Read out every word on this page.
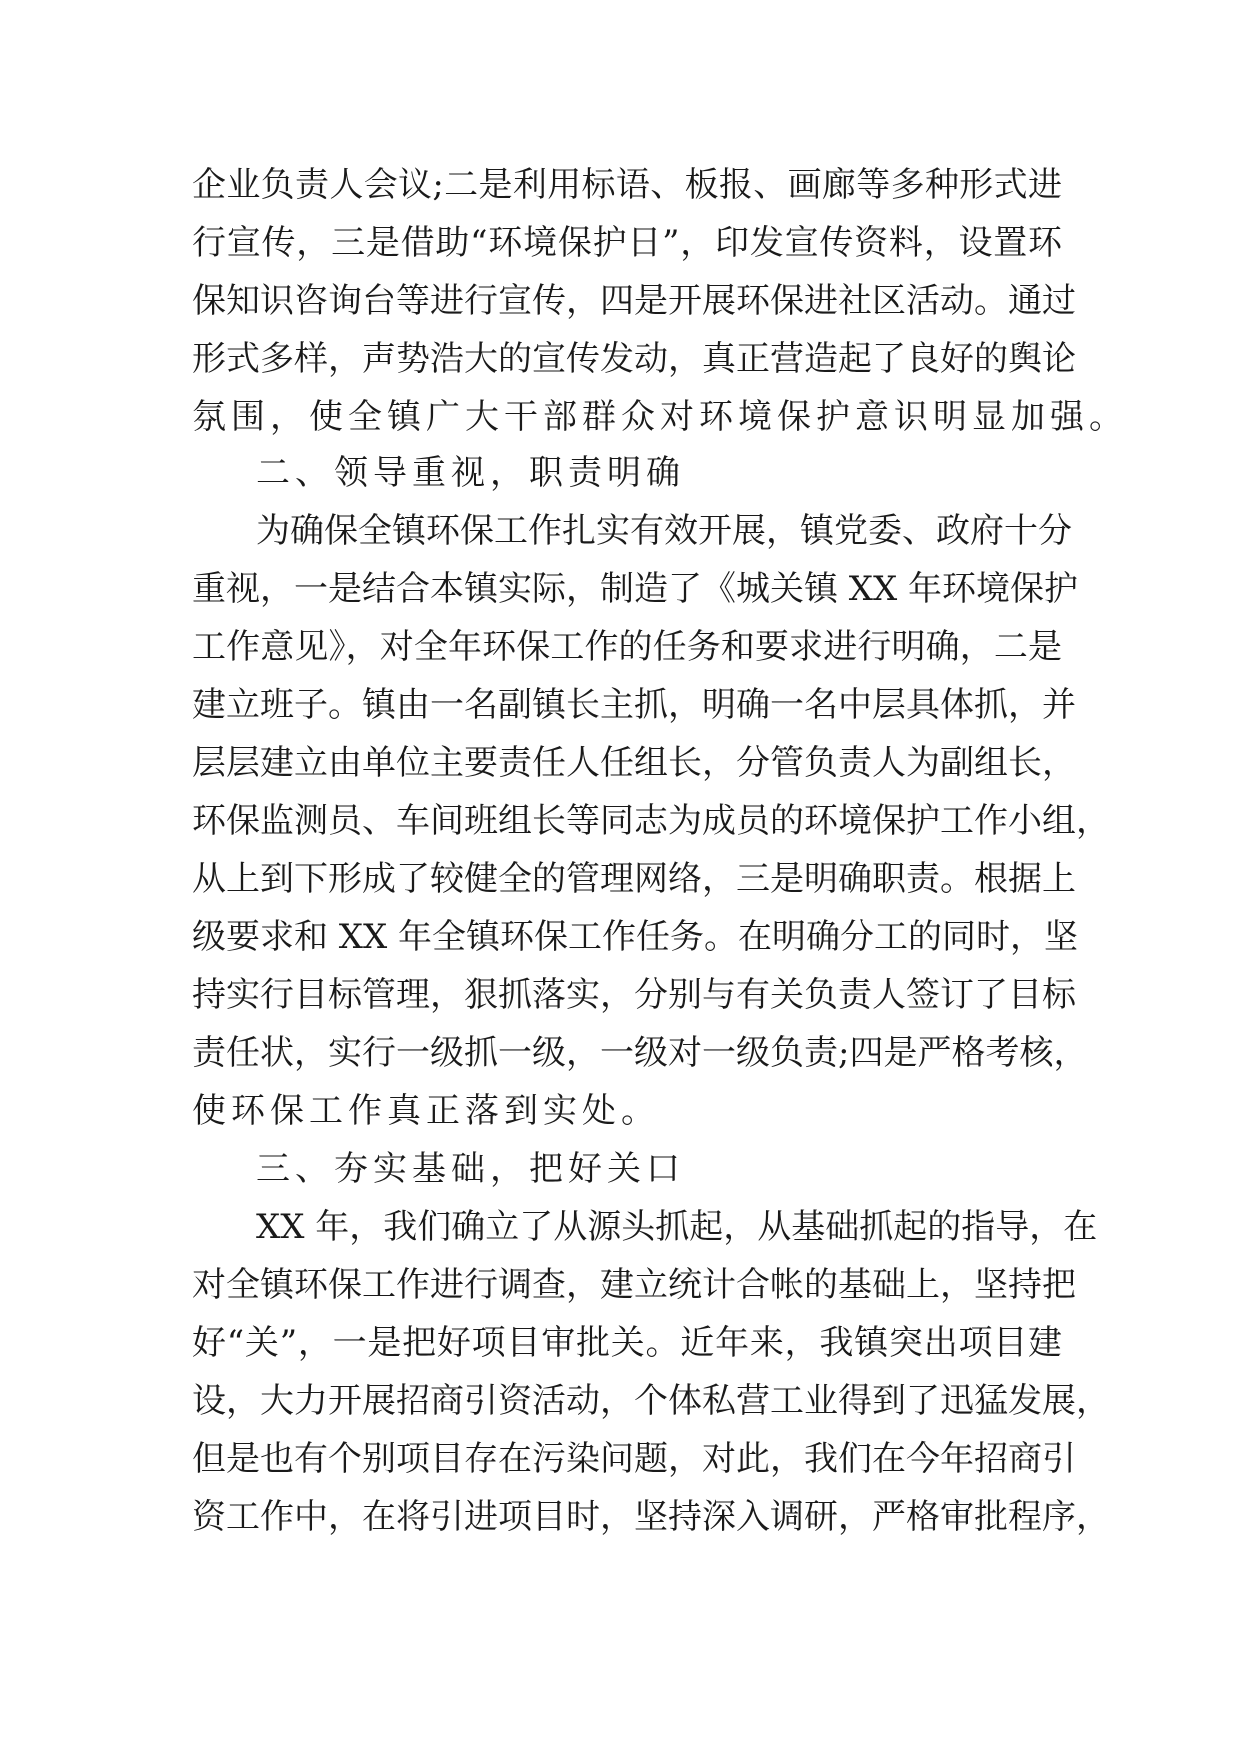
企业负责人会议;二是利用标语、板报、画廊等多种形式进
行宣传，三是借助“环境保护日”，印发宣传资料，设置环
保知识咨询台等进行宣传，四是开展环保进社区活动。通过
形式多样，声势浩大的宣传发动，真正营造起了良好的舆论
氛围，使全镇广大干部群众对环境保护意识明显加强。
二、领导重视，职责明确
为确保全镇环保工作扎实有效开展，镇党委、政府十分
重视，一是结合本镇实际，制造了《城关镇 XX 年环境保护
工作意见》，对全年环保工作的任务和要求进行明确，二是
建立班子。镇由一名副镇长主抓，明确一名中层具体抓，并
层层建立由单位主要责任人任组长，分管负责人为副组长，
环保监测员、车间班组长等同志为成员的环境保护工作小组，
从上到下形成了较健全的管理网络，三是明确职责。根据上
级要求和 XX 年全镇环保工作任务。在明确分工的同时，坚
持实行目标管理，狠抓落实，分别与有关负责人签订了目标
责任状，实行一级抓一级，一级对一级负责;四是严格考核，
使环保工作真正落到实处。
三、夯实基础，把好关口
XX 年，我们确立了从源头抓起，从基础抓起的指导，在
对全镇环保工作进行调查，建立统计合帐的基础上，坚持把
好“关”，一是把好项目审批关。近年来，我镇突出项目建
设，大力开展招商引资活动，个体私营工业得到了迅猛发展，
但是也有个别项目存在污染问题，对此，我们在今年招商引
资工作中，在将引进项目时，坚持深入调研，严格审批程序，
